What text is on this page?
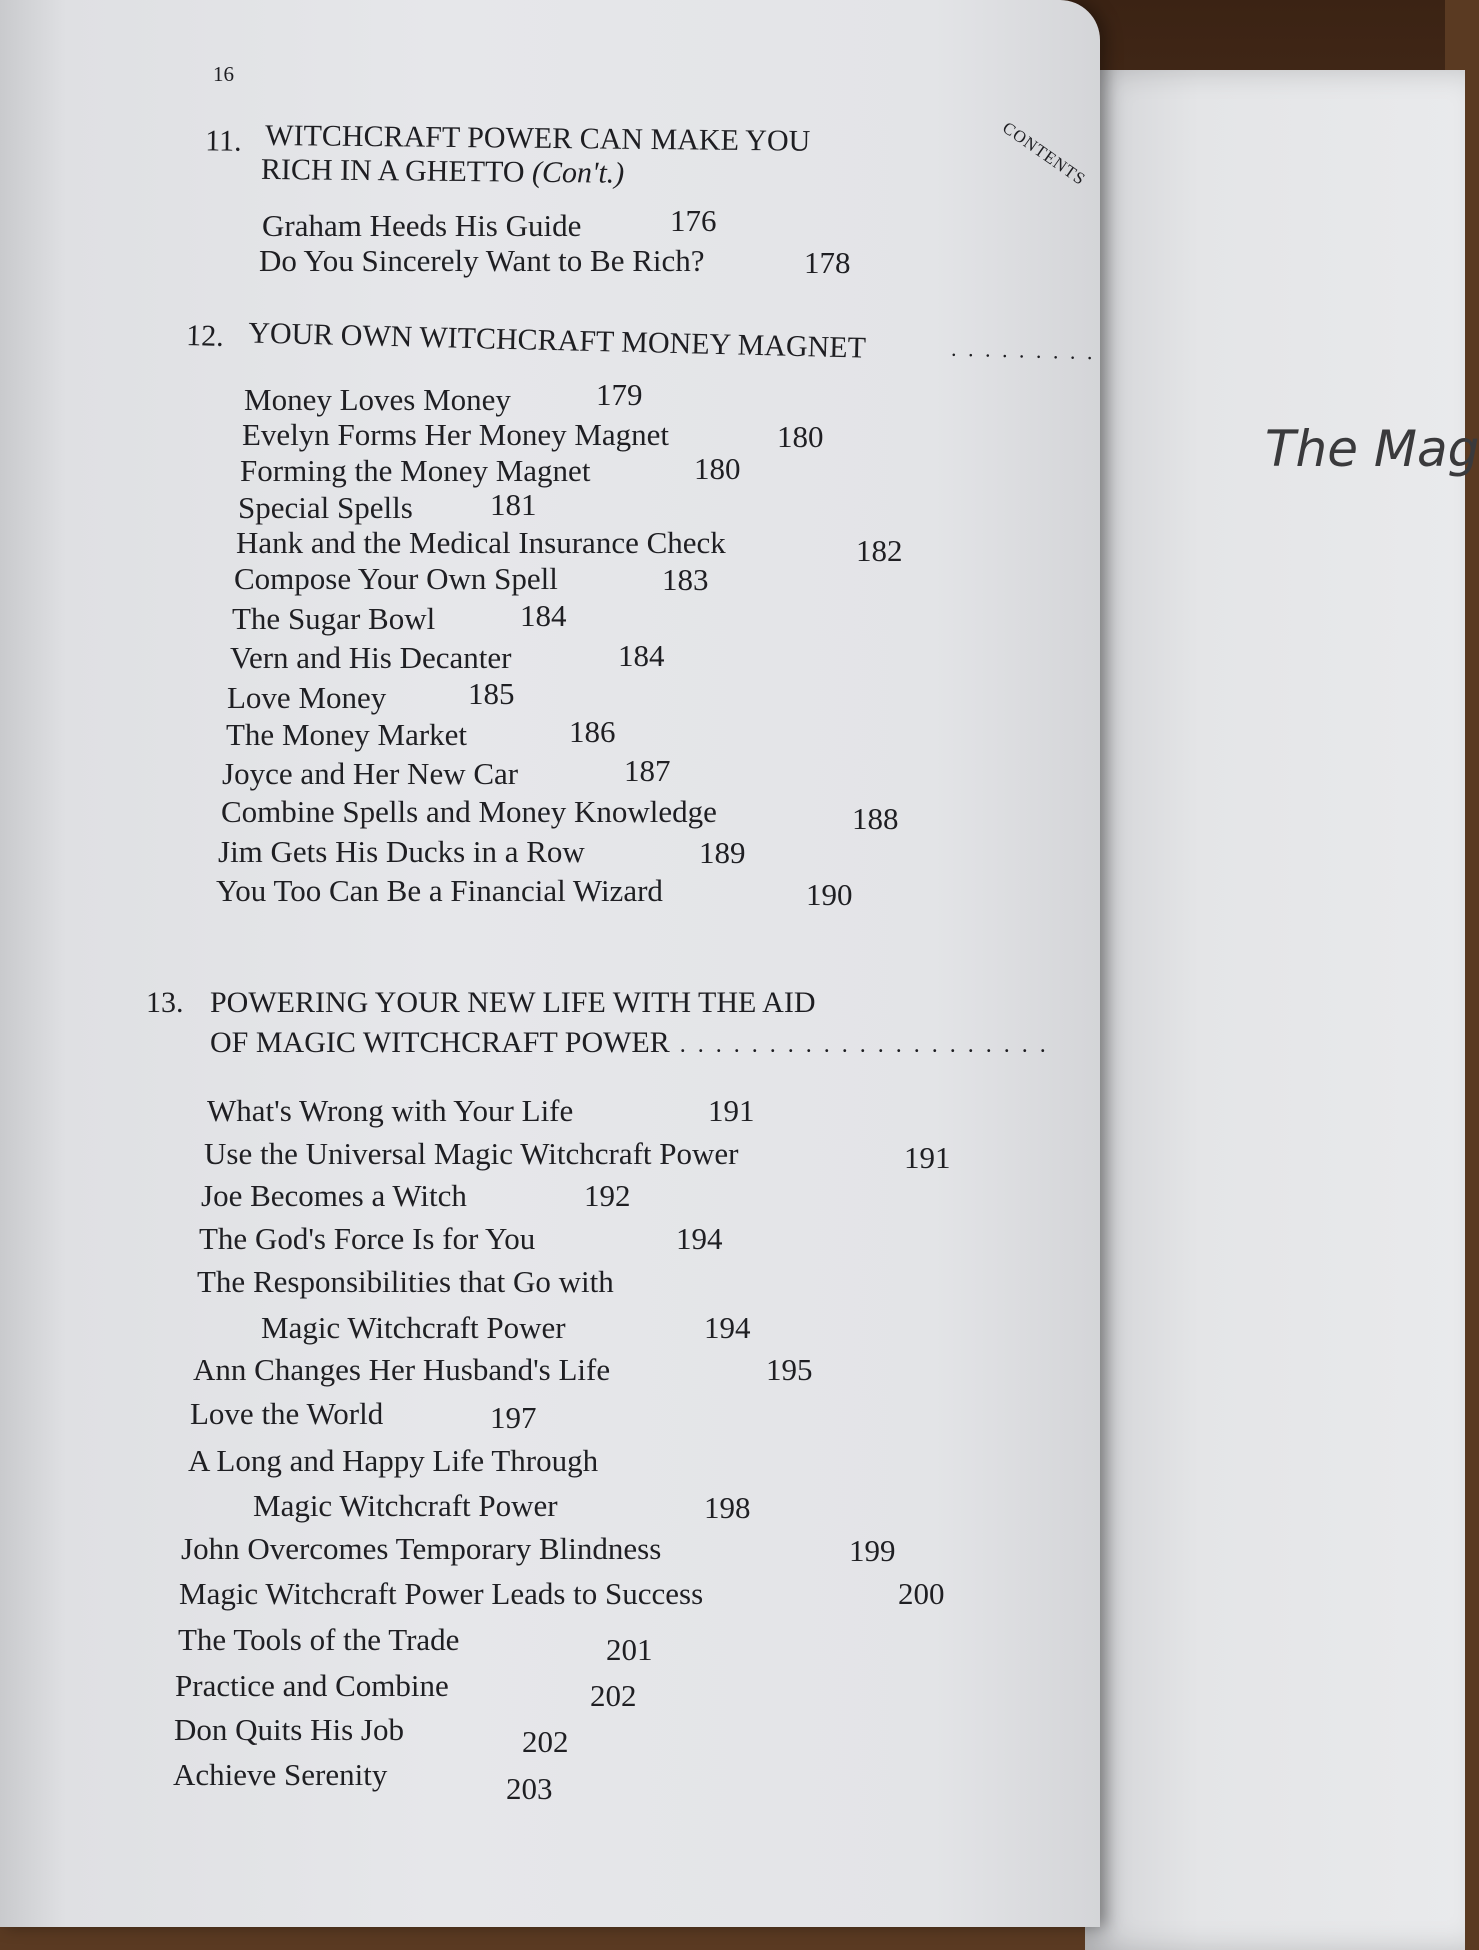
The Mag
16
CONTENTS
11. WITCHCRAFT POWER CAN MAKE YOU
RICH IN A GHETTO (Con't.)
Graham Heeds His Guide	176
Do You Sincerely Want to Be Rich?	178
12. YOUR OWN WITCHCRAFT MONEY MAGNET	. . . . . . . . .
Money Loves Money	179
Evelyn Forms Her Money Magnet	180
Forming the Money Magnet	180
Special Spells 181
Hank and the Medical Insurance Check	182
Compose Your Own Spell	183
The Sugar Bowl	184
Vern and His Decanter	184
Love Money	185
The Money Market	186
Joyce and Her New Car	187
Combine Spells and Money Knowledge	188
Jim Gets His Ducks in a Row	189
You Too Can Be a Financial Wizard	190
13. POWERING YOUR NEW LIFE WITH THE AID
OF MAGIC WITCHCRAFT POWER . . . . . . . . . . . . . . . . . . . . .
What's Wrong with Your Life	191
Use the Universal Magic Witchcraft Power	191
Joe Becomes a Witch	192
The God's Force Is for You	194
The Responsibilities that Go with
Magic Witchcraft Power	194
Ann Changes Her Husband's Life	195
Love the World	197
A Long and Happy Life Through
Magic Witchcraft Power	198
John Overcomes Temporary Blindness	199
Magic Witchcraft Power Leads to Success	200
The Tools of the Trade	201
Practice and Combine	202
Don Quits His Job	202
Achieve Serenity	203
